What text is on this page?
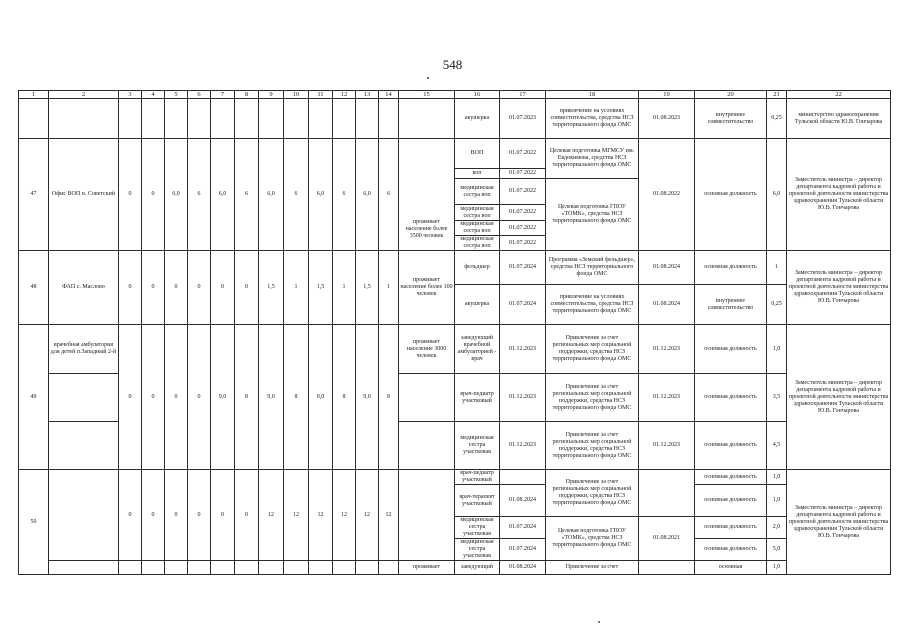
548
1	2	3	4	5	6	7	8	9	10	11	12	13	14	15	16	17	18	19	20	21	22
															акушерка	01.07.2023	привлечение на условиях совместительства, средства НСЗ территориального фонда ОМС	01.08.2023	внутреннее совместительство	0,25	министерство здравоохранения Тульской области Ю.В. Гончарова
47	Офис ВОП п. Советский	0	0	6,0	6	6,0	6	6,0	6	6,0	6	6,0	6	проживает население более 3500 человек	ВОП	01.07.2022	Целевая подготовка МГМСУ им. Евдокимова, средства НСЗ территориального фонда ОМС	01.08.2022	основная должность	6,0	Заместитель министра – директор департамента кадровой работы и проектной деятельности министерства здравоохранения Тульской области Ю.В. Гончарова
															воп	01.07.2022					
															медицинская сестра воп	01.07.2022	Целевая подготовка ГПОУ «ТОМК», средства НСЗ территориального фонда ОМС				
															медицинская сестра воп	01.07.2022					
															медицинская сестра воп	01.07.2022					
															медицинская сестра воп	01.07.2022					
48	ФАП с. Маслово	0	0	0	0	0	0	1,5	1	1,5	1	1,5	1	проживает население более 100 человек	фельдшер	01.07.2024	Программа «Земский фельдшер», средства НСЗ территориального фонда ОМС	01.08.2024	основная должность	1	Заместитель министра – директор департамента кадровой работы и проектной деятельности министерства здравоохранения Тульской области Ю.В. Гончарова
															акушерка	01.07.2024	привлечение на условиях совместительства, средства НСЗ территориального фонда ОМС	01.08.2024	внутреннее совместительство	0,25	
49	врачебная амбулатория для детей п.Западный 2-й	0	0	0	0	9,0	8	9,0	8	9,0	8	9,0	8	проживает население 3000 человек	заведующий врачебной амбулаторией - врач	01.12.2023	Привлечение за счет региональных мер социальной поддержки, средства НСЗ территориального фонда ОМС	01.12.2023	основная должность	1,0	Заместитель министра – директор департамента кадровой работы и проектной деятельности министерства здравоохранения Тульской области Ю.В. Гончарова
															врач-педиатр участковый	01.12.2023	Привлечение за счет региональных мер социальной поддержки, средства НСЗ территориального фонда ОМС	01.12.2023	основная должность	3,5	
															медицинская сестра участковая	01.12.2023	Привлечение за счет региональных мер социальной поддержки, средства НСЗ территориального фонда ОМС	01.12.2023	основная должность	4,5	
50		0	0	0	0	0	0	12	12	12	12	12	12		врач-педиатр участковый		Привлечение за счет региональных мер социальной поддержки, средства НСЗ территориального фонда ОМС		основная должность	1,0	Заместитель министра – директор департамента кадровой работы и проектной деятельности министерства здравоохранения Тульской области Ю.В. Гончарова
															врач-терапевт участковый	01.08.2024			основная должность	1,0	
															медицинская сестра участковая	01.07.2024	Целевая подготовка ГПОУ «ТОМК», средства НСЗ территориального фонда ОМС	01.08.2021	основная должность	2,0	
															медицинская сестра участковая	01.07.2024			основная должность	5,0	
														проживает	заведующий	01.08.2024	Привлечение за счет		основная	1,0	
